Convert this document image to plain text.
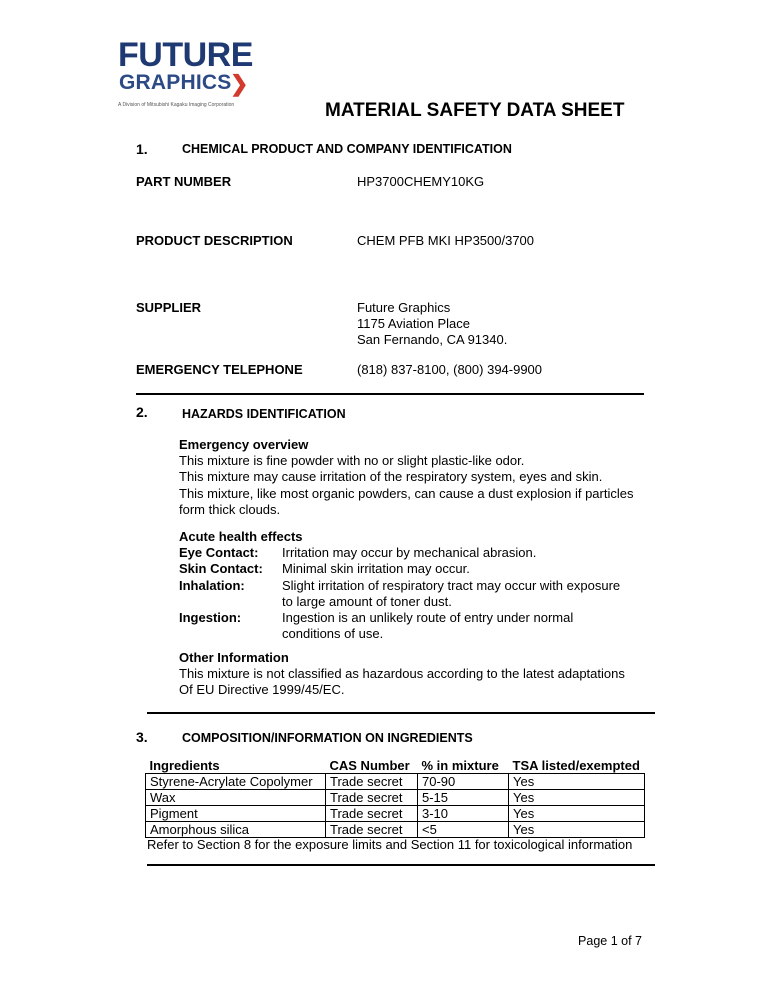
FUTURE
GRAPHICS
❯
A Division of Mitsubishi Kagaku Imaging Corporation	MATERIAL SAFETY DATA SHEET
1.	CHEMICAL PRODUCT AND COMPANY IDENTIFICATION
PART NUMBER	HP3700CHEMY10KG
PRODUCT DESCRIPTION	CHEM PFB MKI HP3500/3700
SUPPLIER	Future Graphics
1175 Aviation Place
San Fernando, CA 91340.
EMERGENCY TELEPHONE	(818) 837-8100, (800) 394-9900
2.	HAZARDS IDENTIFICATION
Emergency overview
This mixture is fine powder with no or slight plastic-like odor.
This mixture may cause irritation of the respiratory system, eyes and skin.
This mixture, like most organic powders, can cause a dust explosion if particles
form thick clouds.
Acute health effects
Eye Contact: Irritation may occur by mechanical abrasion.
Skin Contact: Minimal skin irritation may occur.
Inhalation:	Slight irritation of respiratory tract may occur with exposure
to large amount of toner dust.
Ingestion:	Ingestion is an unlikely route of entry under normal
conditions of use.
Other Information
This mixture is not classified as hazardous according to the latest adaptations
Of EU Directive 1999/45/EC.
3.	COMPOSITION/INFORMATION ON INGREDIENTS
Ingredients	CAS Number	% in mixture	TSA listed/exempted
Styrene-Acrylate Copolymer	Trade secret	70-90	Yes
Wax	Trade secret	5-15	Yes
Pigment	Trade secret	3-10	Yes
Amorphous silica	Trade secret	<5	Yes
Refer to Section 8 for the exposure limits and Section 11 for toxicological information
Page 1 of 7
